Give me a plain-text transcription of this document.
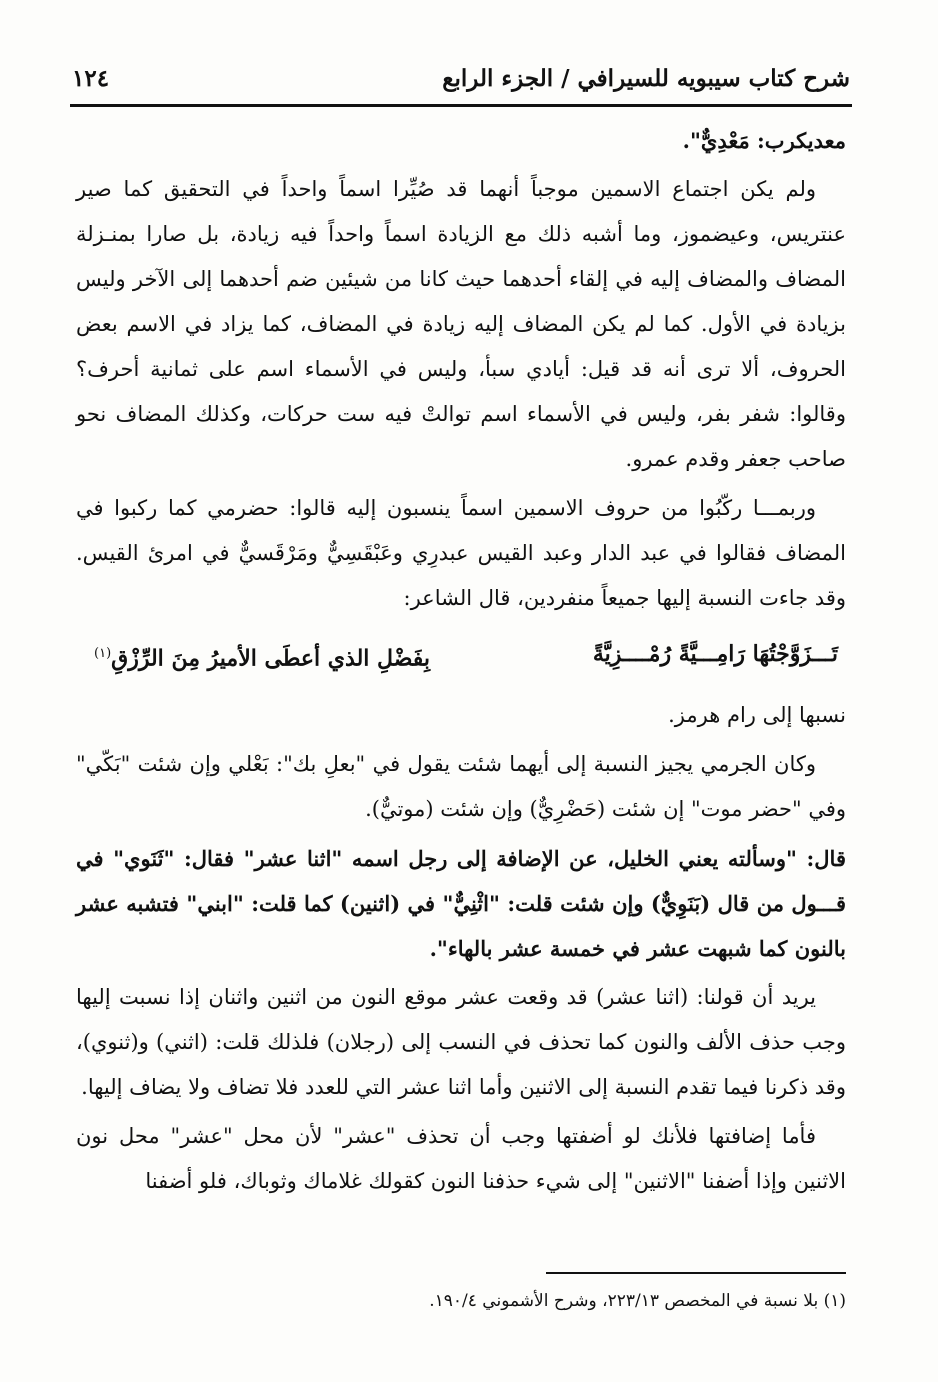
شرح كتاب سيبويه للسيرافي / الجزء الرابع
١٢٤

معديكرب: مَعْدِيٌّ".

ولم يكن اجتماع الاسمين موجباً أنهما قد صُيِّرا اسماً واحداً في التحقيق كما صير عنتريس، وعيضموز، وما أشبه ذلك مع الزيادة اسماً واحداً فيه زيادة، بل صارا بمنـزلة المضاف والمضاف إليه في إلقاء أحدهما حيث كانا من شيئين ضم أحدهما إلى الآخر وليس بزيادة في الأول. كما لم يكن المضاف إليه زيادة في المضاف، كما يزاد في الاسم بعض الحروف، ألا ترى أنه قد قيل: أيادي سبأ، وليس في الأسماء اسم على ثمانية أحرف؟ وقالوا: شفر بفر، وليس في الأسماء اسم توالتْ فيه ست حركات، وكذلك المضاف نحو صاحب جعفر وقدم عمرو.

وربمـــا ركّبُوا من حروف الاسمين اسماً ينسبون إليه قالوا: حضرمي كما ركبوا في المضاف فقالوا في عبد الدار وعبد القيس عبدرِي وعَبْقَسِيٌّ ومَرْقَسيٌّ في امرئ القيس. وقد جاءت النسبة إليها جميعاً منفردين، قال الشاعر:

تَـــزَوَّجْتُهَا رَامِـــيَّةً رُمْــــزِيَّةً
بِفَضْلِ الذي أعطَى الأميرُ مِنَ الرِّزْقِ$^{(١)}$

نسبها إلى رام هرمز.

وكان الجرمي يجيز النسبة إلى أيهما شئت يقول في "بعلِ بك": بَعْلي وإن شئت "بَكّي" وفي "حضر موت" إن شئت (حَضْرِيٌّ) وإن شئت (موتيٌّ).

قال: "وسألته يعني الخليل، عن الإضافة إلى رجل اسمه "اثنا عشر" فقال: "ثَنَوي" في قـــول من قال (بَنَوِيٌّ) وإن شئت قلت: "اثْنِيٌّ" في (اثنين) كما قلت: "ابني" فتشبه عشر بالنون كما شبهت عشر في خمسة عشر بالهاء".

يريد أن قولنا: (اثنا عشر) قد وقعت عشر موقع النون من اثنين واثنان إذا نسبت إليها وجب حذف الألف والنون كما تحذف في النسب إلى (رجلان) فلذلك قلت: (اثني) و(ثنوي)، وقد ذكرنا فيما تقدم النسبة إلى الاثنين وأما اثنا عشر التي للعدد فلا تضاف ولا يضاف إليها.

فأما إضافتها فلأنك لو أضفتها وجب أن تحذف "عشر" لأن محل "عشر" محل نون الاثنين وإذا أضفنا "الاثنين" إلى شيء حذفنا النون كقولك غلاماك وثوباك، فلو أضفنا

(١) بلا نسبة في المخصص ٢٢٣/١٣، وشرح الأشموني ١٩٠/٤.
